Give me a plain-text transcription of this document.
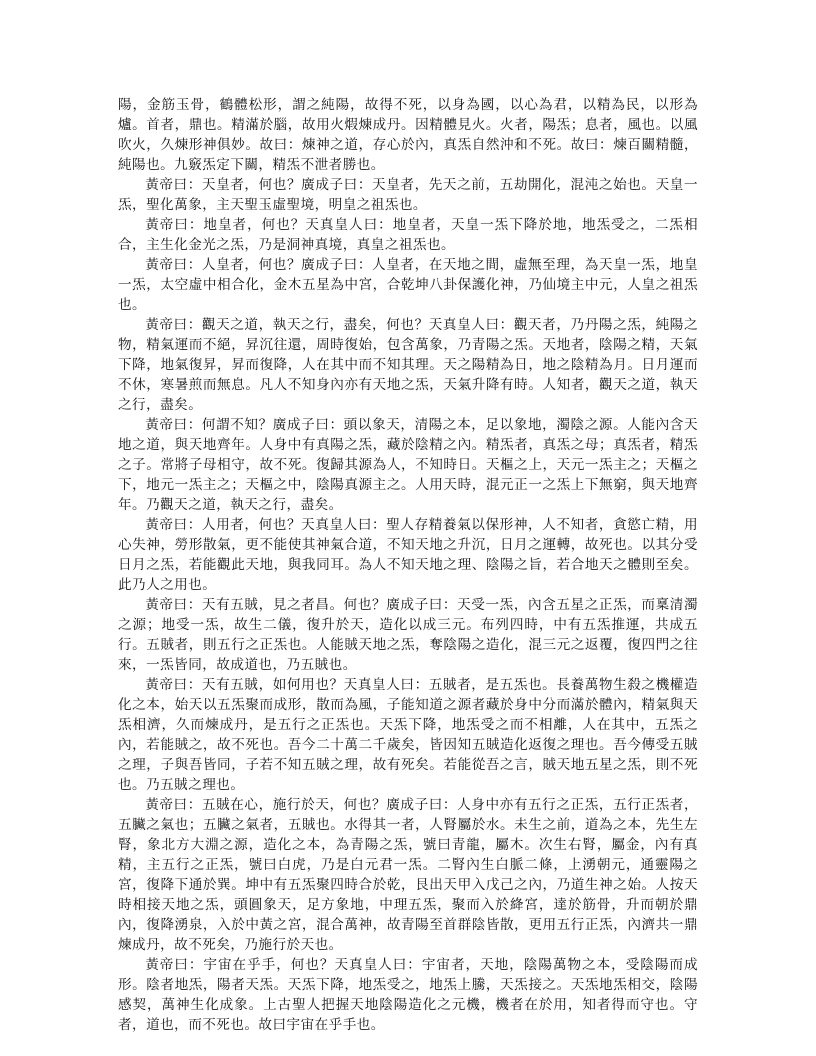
陽，金筋玉骨，鶴體松形，謂之純陽，故得不死，以身為國，以心為君，以精為民，以形為爐。首者，鼎也。精滿於腦，故用火煆煉成丹。因精體見火。火者，陽炁；息者，風也。以風吹火，久煉形神俱妙。故曰：煉神之道，存心於內，真炁自然沖和不死。故曰：煉百關精髓，純陽也。九竅炁定下關，精炁不泄者勝也。

黃帝曰：天皇者，何也？廣成子曰：天皇者，先天之前，五劫開化，混沌之始也。天皇一炁，聖化萬象，主天聖玉虛聖境，明皇之祖炁也。

黃帝曰：地皇者，何也？天真皇人曰：地皇者，天皇一炁下降於地，地炁受之，二炁相合，主生化金光之炁，乃是洞神真境，真皇之祖炁也。

黃帝曰：人皇者，何也？廣成子曰：人皇者，在天地之間，虛無至理，為天皇一炁，地皇一炁，太空虛中相合化，金木五星為中宮，合乾坤八卦保護化神，乃仙境主中元，人皇之祖炁也。

黃帝曰：觀天之道，執天之行，盡矣，何也？天真皇人曰：觀天者，乃丹陽之炁，純陽之物，精氣運而不絕，昇沉往還，周時復始，包含萬象，乃青陽之炁。天地者，陰陽之精，天氣下降，地氣復昇，昇而復降，人在其中而不知其理。天之陽精為日，地之陰精為月。日月運而不休，寒暑煎而無息。凡人不知身內亦有天地之炁，天氣升降有時。人知者，觀天之道，執天之行，盡矣。

黃帝曰：何謂不知？廣成子曰：頭以象天，清陽之本，足以象地，濁陰之源。人能內含天地之道，與天地齊年。人身中有真陽之炁，藏於陰精之內。精炁者，真炁之母；真炁者，精炁之子。常將子母相守，故不死。復歸其源為人，不知時日。天樞之上，天元一炁主之；天樞之下，地元一炁主之；天樞之中，陰陽真源主之。人用天時，混元正一之炁上下無窮，與天地齊年。乃觀天之道，執天之行，盡矣。

黃帝曰：人用者，何也？天真皇人曰：聖人存精養氣以保形神，人不知者，貪慾亡精，用心失神，勞形散氣，更不能使其神氣合道，不知天地之升沉，日月之運轉，故死也。以其分受日月之炁，若能觀此天地，與我同耳。為人不知天地之理、陰陽之旨，若合地天之體則至矣。此乃人之用也。

黃帝曰：天有五賊，見之者昌。何也？廣成子曰：天受一炁，內含五星之正炁，而稟清濁之源；地受一炁，故生二儀，復升於天，造化以成三元。布列四時，中有五炁推運，共成五行。五賊者，則五行之正炁也。人能賊天地之炁，奪陰陽之造化，混三元之返覆，復四門之往來，一炁皆同，故成道也，乃五賊也。

黃帝曰：天有五賊，如何用也？天真皇人曰：五賊者，是五炁也。長養萬物生殺之機權造化之本，始天以五炁聚而成形，散而為風，子能知道之源者藏於身中分而滿於體內，精氣與天炁相濟，久而煉成丹，是五行之正炁也。天炁下降，地炁受之而不相離，人在其中，五炁之內，若能賊之，故不死也。吾今二十萬二千歲矣，皆因知五賊造化返復之理也。吾今傳受五賊之理，子與吾皆同，子若不知五賊之理，故有死矣。若能從吾之言，賊天地五星之炁，則不死也。乃五賊之理也。

黃帝曰：五賊在心，施行於天，何也？廣成子曰：人身中亦有五行之正炁，五行正炁者，五臟之氣也；五臟之氣者，五賊也。水得其一者，人腎屬於水。未生之前，道為之本，先生左腎，象北方大淵之源，造化之本，為青陽之炁，號曰青龍，屬木。次生右腎，屬金，內有真精，主五行之正炁，號曰白虎，乃是白元君一炁。二腎內生白脈二條，上湧朝元，通靈陽之宮，復降下通於巽。坤中有五炁聚四時合於乾，艮出天甲入戊己之內，乃道生神之始。人按天時相接天地之炁，頭圓象天，足方象地，中理五炁，聚而入於絳宮，達於筋骨，升而朝於鼎內，復降湧泉，入於中黃之宮，混合萬神，故青陽至首群陰皆散，更用五行正炁，內濟共一鼎煉成丹，故不死矣，乃施行於天也。

黃帝曰：宇宙在乎手，何也？天真皇人曰：宇宙者，天地，陰陽萬物之本，受陰陽而成形。陰者地炁，陽者天炁。天炁下降，地炁受之，地炁上騰，天炁接之。天炁地炁相交，陰陽感契，萬神生化成象。上古聖人把握天地陰陽造化之元機，機者在於用，知者得而守也。守者，道也，而不死也。故曰宇宙在乎手也。
